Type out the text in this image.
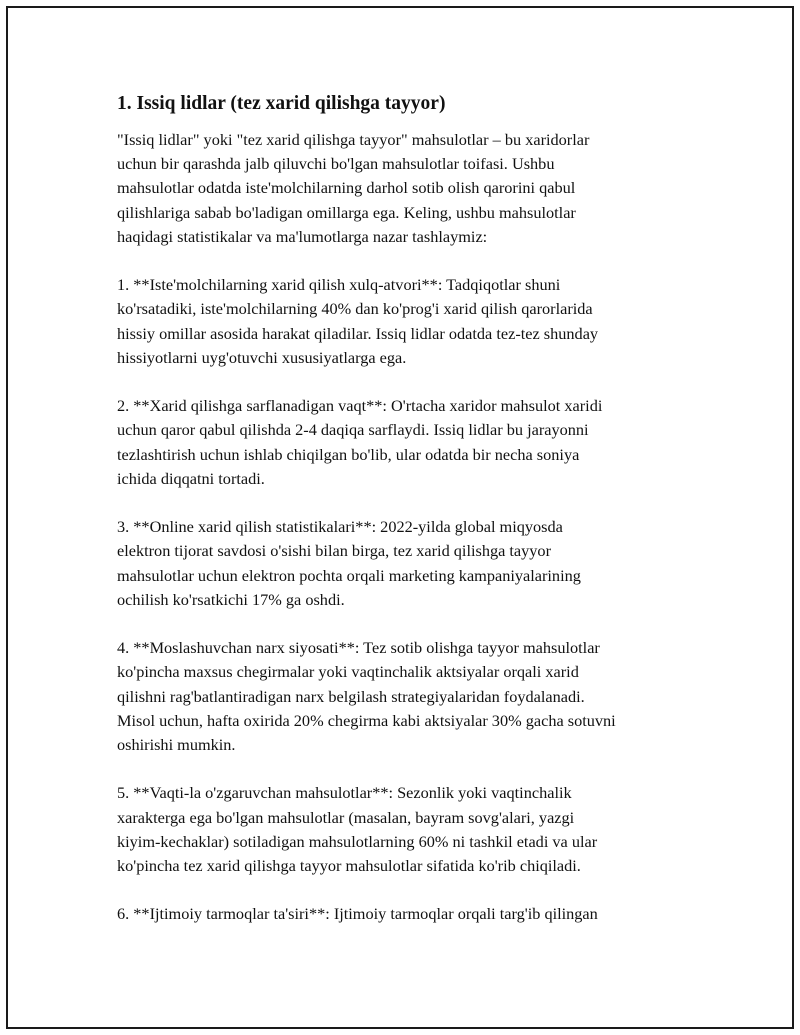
1. Issiq lidlar (tez xarid qilishga tayyor)

"Issiq lidlar" yoki "tez xarid qilishga tayyor" mahsulotlar – bu xaridorlar
uchun bir qarashda jalb qiluvchi bo'lgan mahsulotlar toifasi. Ushbu
mahsulotlar odatda iste'molchilarning darhol sotib olish qarorini qabul
qilishlariga sabab bo'ladigan omillarga ega. Keling, ushbu mahsulotlar
haqidagi statistikalar va ma'lumotlarga nazar tashlaymiz:

1. **Iste'molchilarning xarid qilish xulq-atvori**: Tadqiqotlar shuni
ko'rsatadiki, iste'molchilarning 40% dan ko'prog'i xarid qilish qarorlarida
hissiy omillar asosida harakat qiladilar. Issiq lidlar odatda tez-tez shunday
hissiyotlarni uyg'otuvchi xususiyatlarga ega.

2. **Xarid qilishga sarflanadigan vaqt**: O'rtacha xaridor mahsulot xaridi
uchun qaror qabul qilishda 2-4 daqiqa sarflaydi. Issiq lidlar bu jarayonni
tezlashtirish uchun ishlab chiqilgan bo'lib, ular odatda bir necha soniya
ichida diqqatni tortadi.

3. **Online xarid qilish statistikalari**: 2022-yilda global miqyosda
elektron tijorat savdosi o'sishi bilan birga, tez xarid qilishga tayyor
mahsulotlar uchun elektron pochta orqali marketing kampaniyalarining
ochilish ko'rsatkichi 17% ga oshdi.

4. **Moslashuvchan narx siyosati**: Tez sotib olishga tayyor mahsulotlar
ko'pincha maxsus chegirmalar yoki vaqtinchalik aktsiyalar orqali xarid
qilishni rag'batlantiradigan narx belgilash strategiyalaridan foydalanadi.
Misol uchun, hafta oxirida 20% chegirma kabi aktsiyalar 30% gacha sotuvni
oshirishi mumkin.

5. **Vaqti-la o'zgaruvchan mahsulotlar**: Sezonlik yoki vaqtinchalik
xarakterga ega bo'lgan mahsulotlar (masalan, bayram sovg'alari, yazgi
kiyim-kechaklar) sotiladigan mahsulotlarning 60% ni tashkil etadi va ular
ko'pincha tez xarid qilishga tayyor mahsulotlar sifatida ko'rib chiqiladi.

6. **Ijtimoiy tarmoqlar ta'siri**: Ijtimoiy tarmoqlar orqali targ'ib qilingan
